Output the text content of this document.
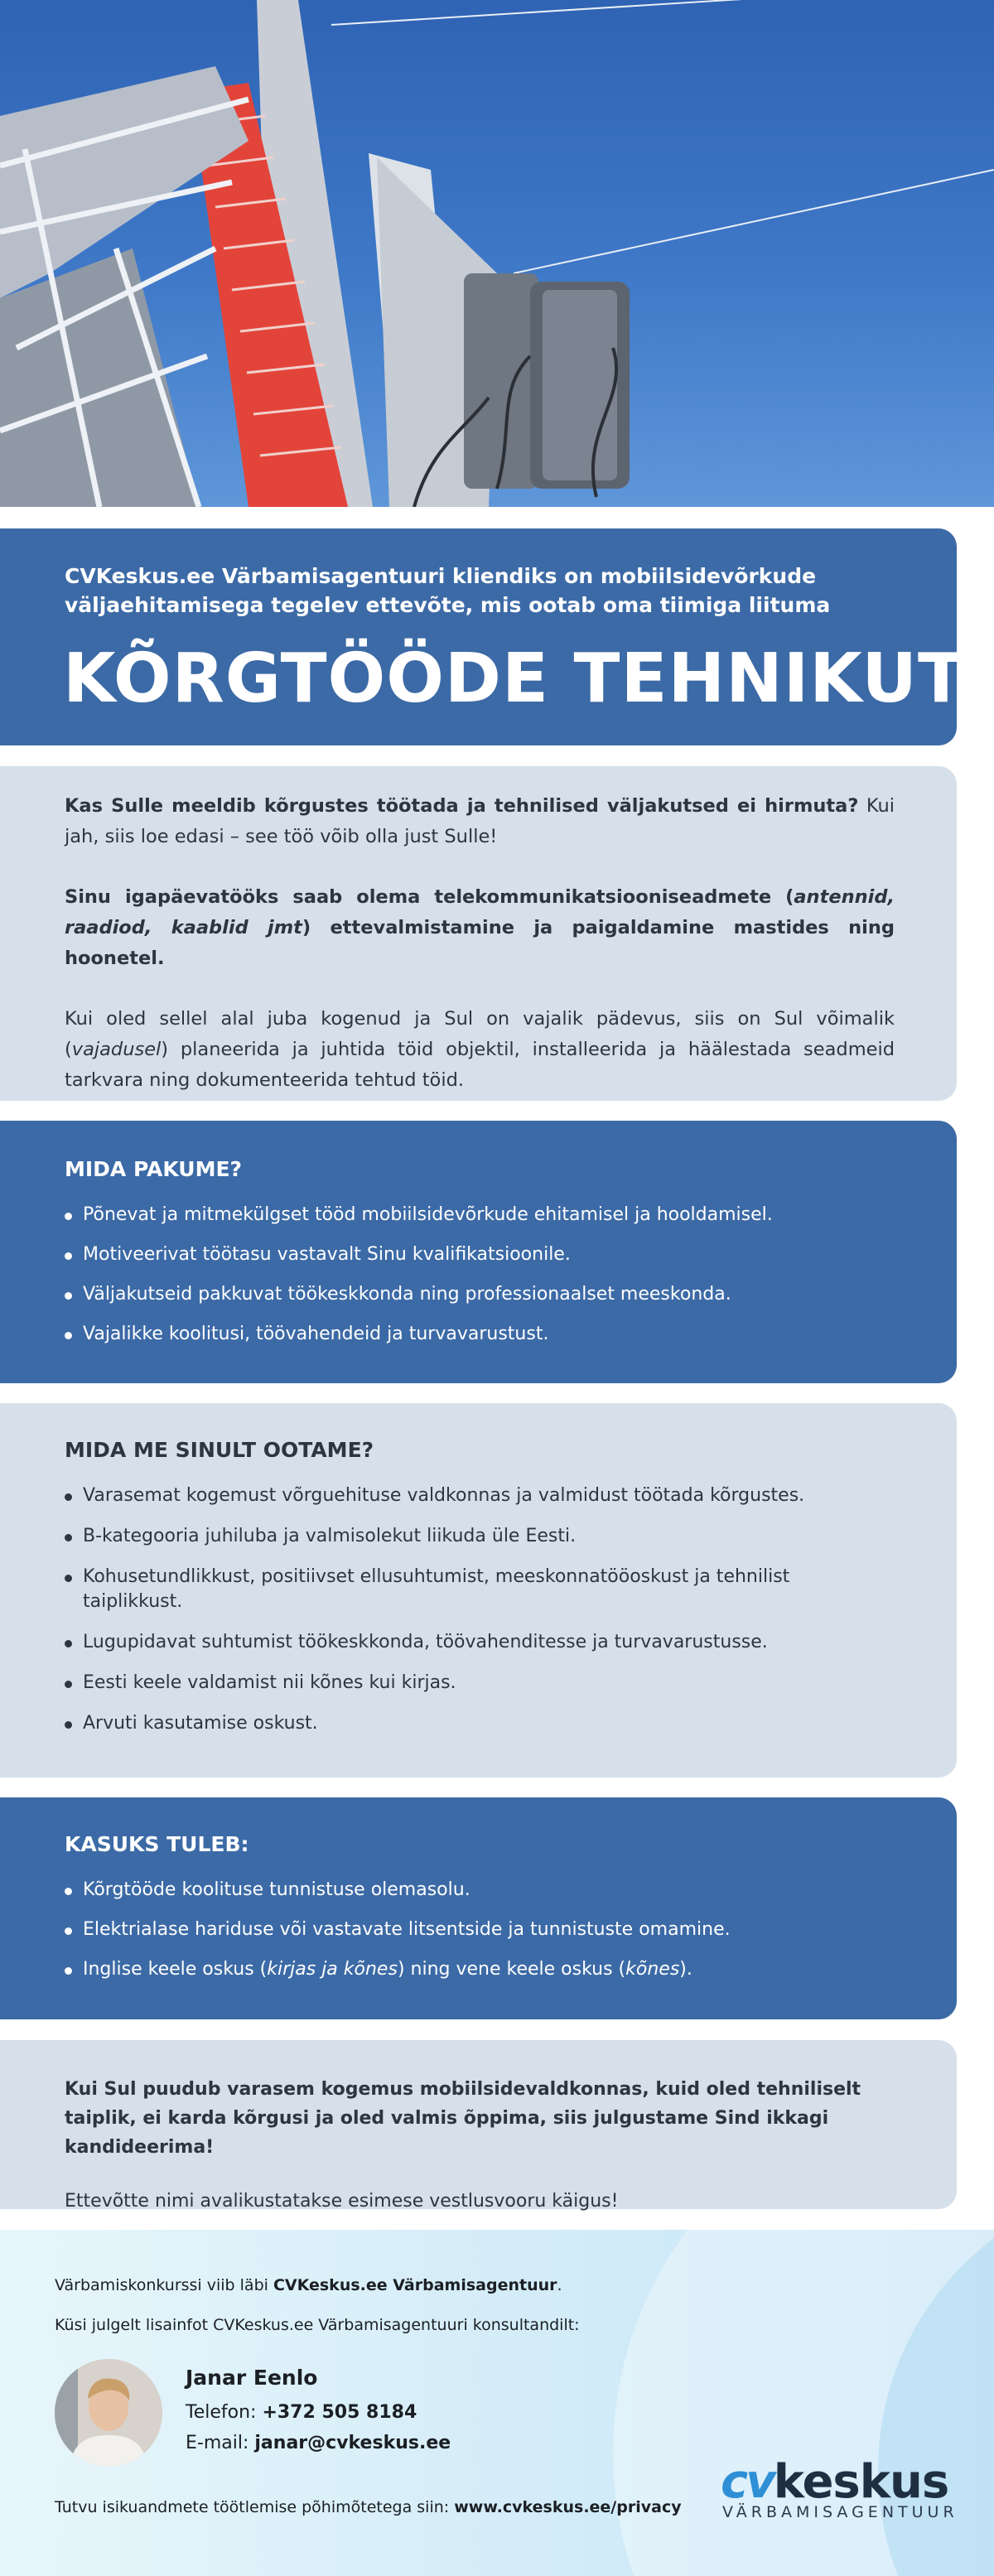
CVKeskus.ee Värbamisagentuuri kliendiks on mobiilsidevõrkude väljaehitamisega tegelev ettevõte, mis ootab oma tiimiga liituma
KÕRGTÖÖDE TEHNIKUT

Kas Sulle meeldib kõrgustes töötada ja tehnilised väljakutsed ei hirmuta? Kui jah, siis loe edasi – see töö võib olla just Sulle!

Sinu igapäevatööks saab olema telekommunikatsiooniseadmete (antennid, raadiod, kaablid jmt) ettevalmistamine ja paigaldamine mastides ning hoonetel.

Kui oled sellel alal juba kogenud ja Sul on vajalik pädevus, siis on Sul võimalik (vajadusel) planeerida ja juhtida töid objektil, installeerida ja häälestada seadmeid tarkvara ning dokumenteerida tehtud töid.

MIDA PAKUME?
Põnevat ja mitmekülgset tööd mobiilsidevõrkude ehitamisel ja hooldamisel.
Motiveerivat töötasu vastavalt Sinu kvalifikatsioonile.
Väljakutseid pakkuvat töökeskkonda ning professionaalset meeskonda.
Vajalikke koolitusi, töövahendeid ja turvavarustust.
MIDA ME SINULT OOTAME?
Varasemat kogemust võrguehituse valdkonnas ja valmidust töötada kõrgustes.
B-kategooria juhiluba ja valmisolekut liikuda üle Eesti.
Kohusetundlikkust, positiivset ellusuhtumist, meeskonnatööoskust ja tehnilist taiplikkust.
Lugupidavat suhtumist töökeskkonda, töövahenditesse ja turvavarustusse.
Eesti keele valdamist nii kõnes kui kirjas.
Arvuti kasutamise oskust.
KASUKS TULEB:
Kõrgtööde koolituse tunnistuse olemasolu.
Elektrialase hariduse või vastavate litsentside ja tunnistuste omamine.
Inglise keele oskus (kirjas ja kõnes) ning vene keele oskus (kõnes).

Kui Sul puudub varasem kogemus mobiilsidevaldkonnas, kuid oled tehniliselt taiplik, ei karda kõrgusi ja oled valmis õppima, siis julgustame Sind ikkagi kandideerima!

Ettevõtte nimi avalikustatakse esimese vestlusvooru käigus!

Värbamiskonkurssi viib läbi CVKeskus.ee Värbamisagentuur.
Küsi julgelt lisainfot CVKeskus.ee Värbamisagentuuri konsultandilt:
Janar Eenlo
Telefon: +372 505 8184
E-mail: janar@cvkeskus.ee
Tutvu isikuandmete töötlemise põhimõtetega siin: www.cvkeskus.ee/privacy cvkeskus
VÄRBAMISAGENTUUR
